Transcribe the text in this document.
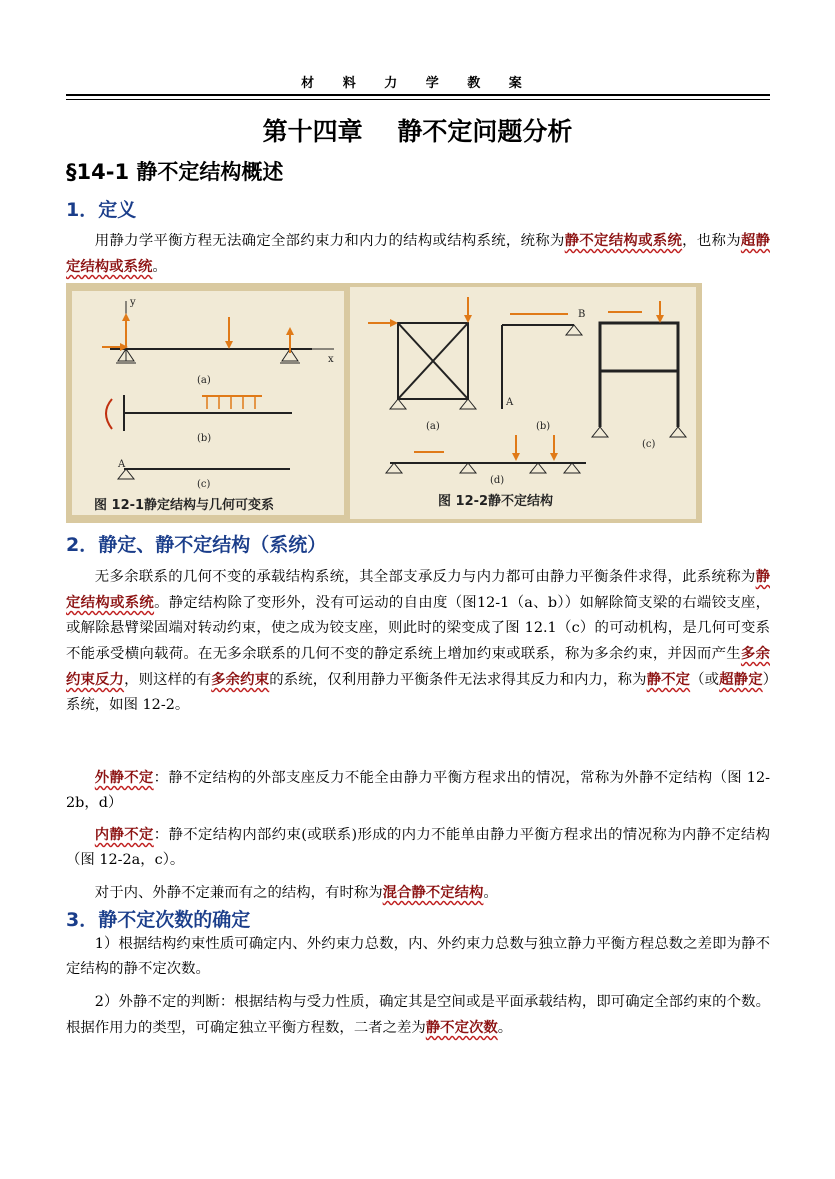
材 料 力 学 教 案
第十四章 静不定问题分析
§14-1 静不定结构概述
1．定义
用静力学平衡方程无法确定全部约束力和内力的结构或结构系统，统称为静不定结构或系统，也称为超静定结构或系统。
y
x
(a)
(b)
A
(c)
图 12-1静定结构与几何可变系
(a)
B
A
(b)
(c)
(d)
图 12-2静不定结构
2．静定、静不定结构（系统）
无多余联系的几何不变的承载结构系统，其全部支承反力与内力都可由静力平衡条件求得，此系统称为静定结构或系统。静定结构除了变形外，没有可运动的自由度（图12-1（a、b））如解除简支梁的右端铰支座，或解除悬臂梁固端对转动约束，使之成为铰支座，则此时的梁变成了图 12.1（c）的可动机构，是几何可变系不能承受横向载荷。在无多余联系的几何不变的静定系统上增加约束或联系，称为多余约束，并因而产生多余约束反力，则这样的有多余约束的系统，仅利用静力平衡条件无法求得其反力和内力，称为静不定（或超静定）系统，如图 12-2。
外静不定：静不定结构的外部支座反力不能全由静力平衡方程求出的情况，常称为外静不定结构（图 12-2b，d）
内静不定：静不定结构内部约束(或联系)形成的内力不能单由静力平衡方程求出的情况称为内静不定结构（图 12-2a，c）。
对于内、外静不定兼而有之的结构，有时称为混合静不定结构。
3．静不定次数的确定
1）根据结构约束性质可确定内、外约束力总数，内、外约束力总数与独立静力平衡方程总数之差即为静不定结构的静不定次数。
2）外静不定的判断：根据结构与受力性质，确定其是空间或是平面承载结构，即可确定全部约束的个数。根据作用力的类型，可确定独立平衡方程数，二者之差为静不定次数。
